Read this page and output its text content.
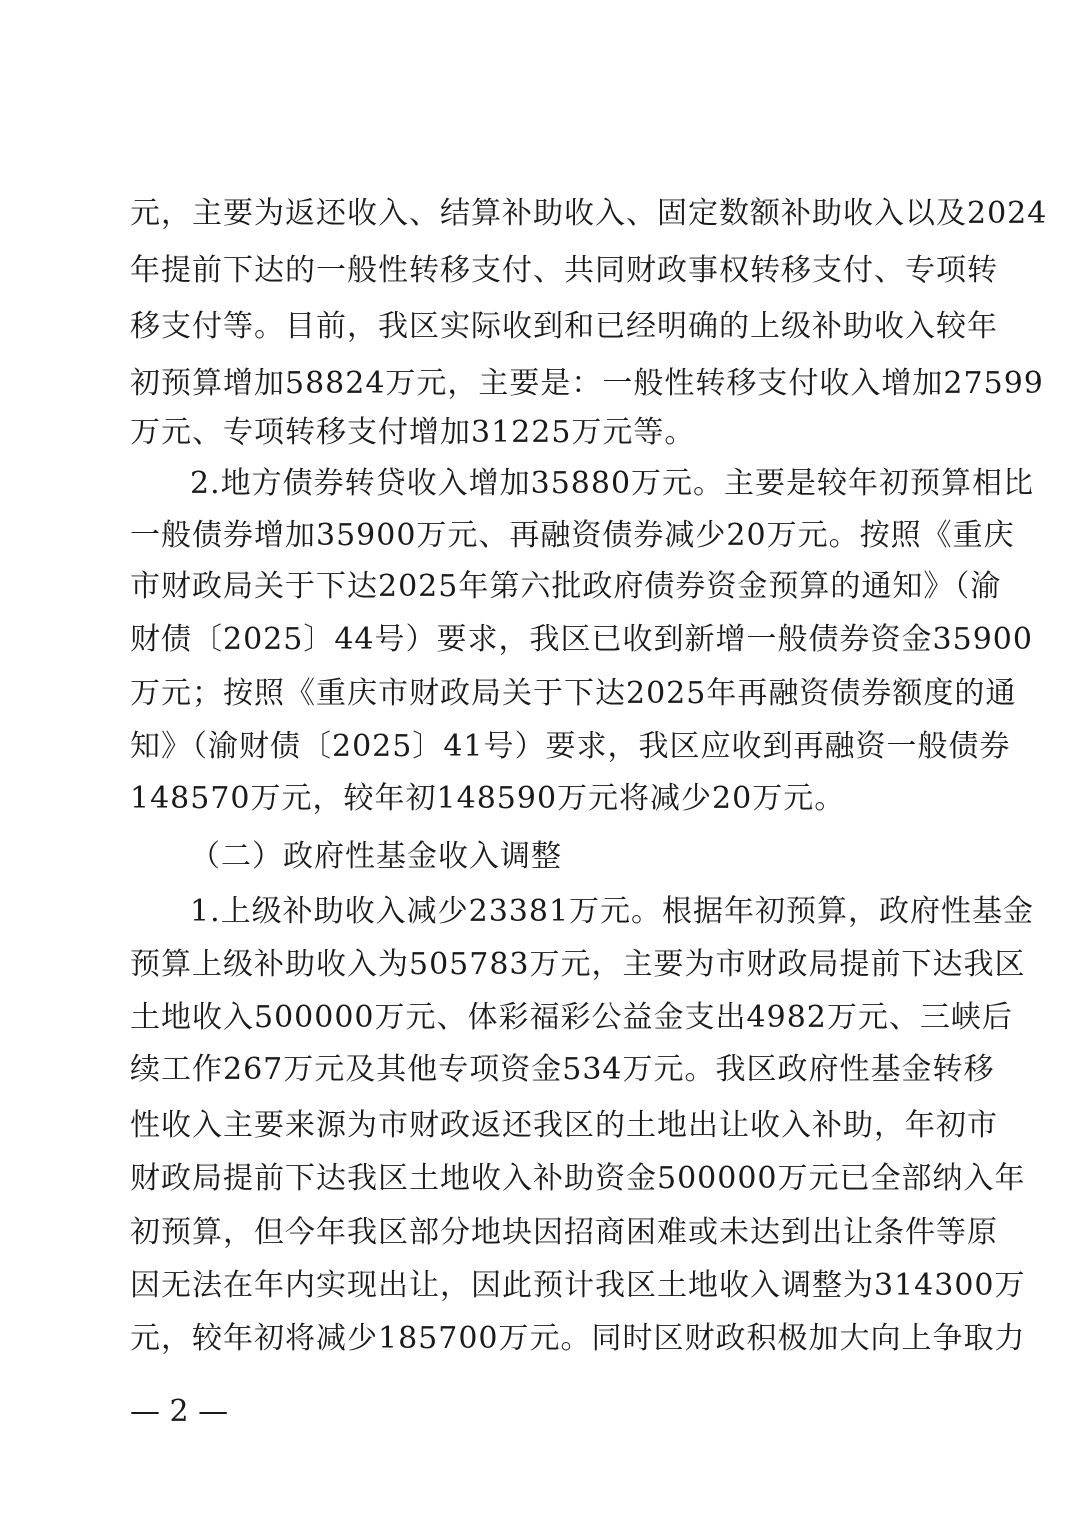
元，主要为返还收入、结算补助收入、固定数额补助收入以及2024
年提前下达的一般性转移支付、共同财政事权转移支付、专项转
移支付等。目前，我区实际收到和已经明确的上级补助收入较年
初预算增加58824万元，主要是：一般性转移支付收入增加27599
万元、专项转移支付增加31225万元等。
2.地方债券转贷收入增加35880万元。主要是较年初预算相比
一般债券增加35900万元、再融资债券减少20万元。按照《重庆
市财政局关于下达2025年第六批政府债券资金预算的通知》（渝
财债〔2025〕44号）要求，我区已收到新增一般债券资金35900
万元；按照《重庆市财政局关于下达2025年再融资债券额度的通
知》（渝财债〔2025〕41号）要求，我区应收到再融资一般债券
148570万元，较年初148590万元将减少20万元。
（二）政府性基金收入调整
1.上级补助收入减少23381万元。根据年初预算，政府性基金
预算上级补助收入为505783万元，主要为市财政局提前下达我区
土地收入500000万元、体彩福彩公益金支出4982万元、三峡后
续工作267万元及其他专项资金534万元。我区政府性基金转移
性收入主要来源为市财政返还我区的土地出让收入补助，年初市
财政局提前下达我区土地收入补助资金500000万元已全部纳入年
初预算，但今年我区部分地块因招商困难或未达到出让条件等原
因无法在年内实现出让，因此预计我区土地收入调整为314300万
元，较年初将减少185700万元。同时区财政积极加大向上争取力
— 2 —
